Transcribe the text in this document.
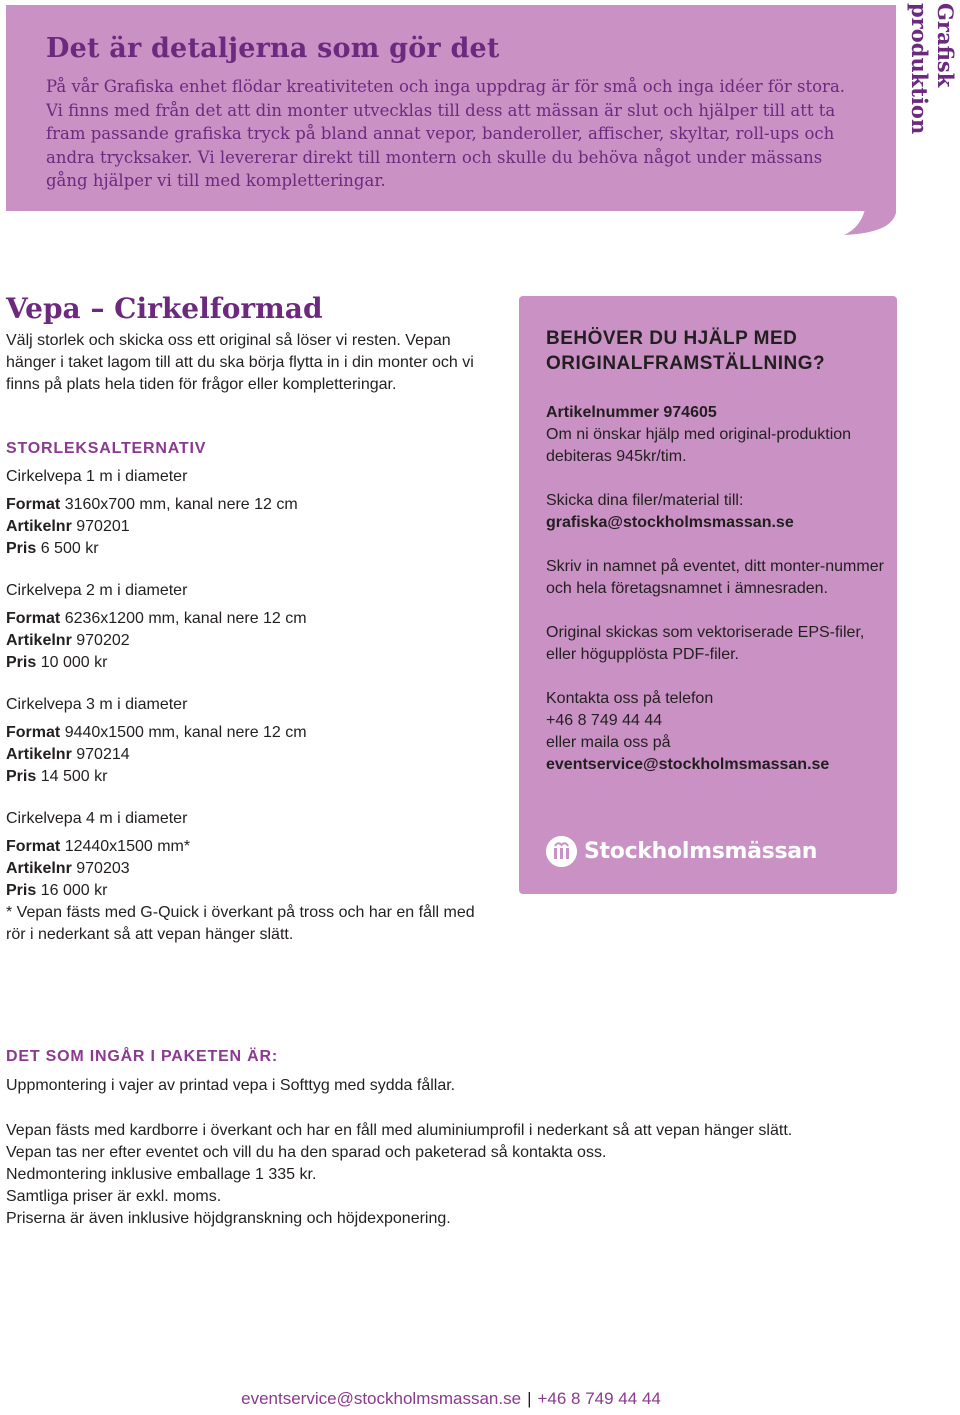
Det är detaljerna som gör det

På vår Grafiska enhet flödar kreativiteten och inga uppdrag är för små och inga idéer för stora. Vi finns med från det att din monter utvecklas till dess att mässan är slut och hjälper till att ta fram passande grafiska tryck på bland annat vepor, banderoller, affischer, skyltar, roll-ups och andra trycksaker. Vi levererar direkt till montern och skulle du behöva något under mässans gång hjälper vi till med kompletteringar.

Grafisk produktion
Vepa – Cirkelformad

Välj storlek och skicka oss ett original så löser vi resten. Vepan hänger i taket lagom till att du ska börja flytta in i din monter och vi finns på plats hela tiden för frågor eller kompletteringar.

STORLEKSALTERNATIV

Cirkelvepa 1 m i diameter

Format 3160x700 mm, kanal nere 12 cm

Artikelnr 970201

Pris 6 500 kr

Cirkelvepa 2 m i diameter

Format 6236x1200 mm, kanal nere 12 cm

Artikelnr 970202

Pris 10 000 kr

Cirkelvepa 3 m i diameter

Format 9440x1500 mm, kanal nere 12 cm

Artikelnr 970214

Pris 14 500 kr

Cirkelvepa 4 m i diameter

Format 12440x1500 mm*

Artikelnr 970203

Pris 16 000 kr

* Vepan fästs med G-Quick i överkant på tross och har en fåll med rör i nederkant så att vepan hänger slätt.

BEHÖVER DU HJÄLP MED ORIGINALFRAMSTÄLLNING?

Artikelnummer 974605

Om ni önskar hjälp med original-produktion debiteras 945kr/tim.

Skicka dina filer/material till:

grafiska@stockholmsmassan.se

Skriv in namnet på eventet, ditt monter-nummer och hela företagsnamnet i ämnesraden.

Original skickas som vektoriserade EPS-filer, eller högupplösta PDF-filer.

Kontakta oss på telefon

+46 8 749 44 44

eller maila oss på

eventservice@stockholmsmassan.se

Stockholmsmässan
DET SOM INGÅR I PAKETEN ÄR:

Uppmontering i vajer av printad vepa i Softtyg med sydda fållar.

Vepan fästs med kardborre i överkant och har en fåll med aluminiumprofil i nederkant så att vepan hänger slätt.

Vepan tas ner efter eventet och vill du ha den sparad och paketerad så kontakta oss.

Nedmontering inklusive emballage 1 335 kr.

Samtliga priser är exkl. moms.

Priserna är även inklusive höjdgranskning och höjdexponering.

eventservice@stockholmsmassan.se | +46 8 749 44 44
